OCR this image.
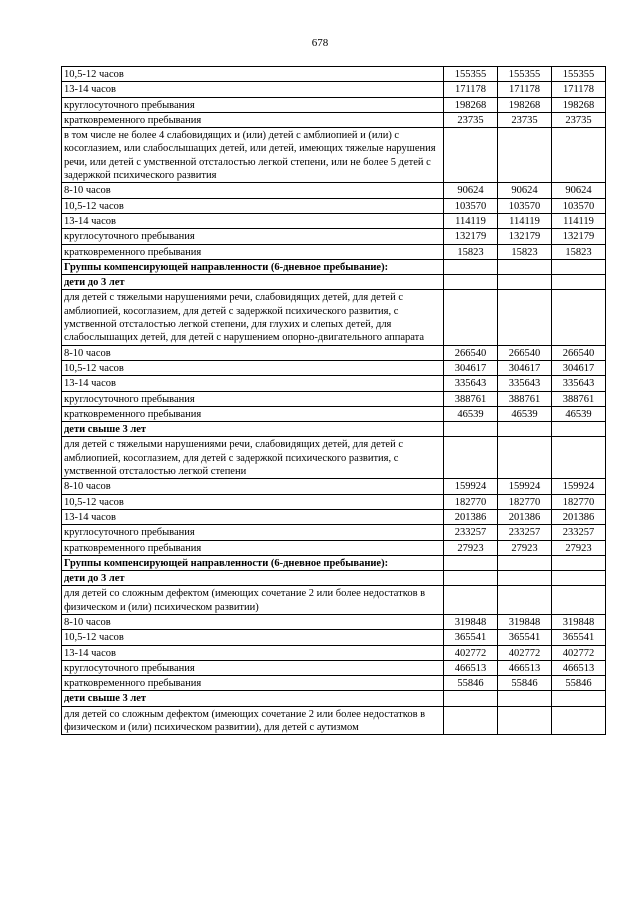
678
10,5-12 часов	155355	155355	155355
13-14 часов	171178	171178	171178
круглосуточного пребывания	198268	198268	198268
кратковременного пребывания	23735	23735	23735
в том числе не более 4 слабовидящих и (или) детей с амблиопией и (или) с косоглазием, или слабослышащих детей, или детей, имеющих тяжелые нарушения речи, или детей с умственной отсталостью легкой степени, или не более 5 детей с задержкой психического развития			
8-10 часов	90624	90624	90624
10,5-12 часов	103570	103570	103570
13-14 часов	114119	114119	114119
круглосуточного пребывания	132179	132179	132179
кратковременного пребывания	15823	15823	15823
Группы компенсирующей направленности (6-дневное пребывание):			
дети до 3 лет			
для детей с тяжелыми нарушениями речи, слабовидящих детей, для детей с амблиопией, косоглазием, для детей с задержкой психического развития, с умственной отсталостью легкой степени, для глухих и слепых детей, для слабослышащих детей, для детей с нарушением опорно-двигательного аппарата			
8-10 часов	266540	266540	266540
10,5-12 часов	304617	304617	304617
13-14 часов	335643	335643	335643
круглосуточного пребывания	388761	388761	388761
кратковременного пребывания	46539	46539	46539
дети свыше 3 лет			
для детей с тяжелыми нарушениями речи, слабовидящих детей, для детей с амблиопией, косоглазием, для детей с задержкой психического развития, с умственной отсталостью легкой степени			
8-10 часов	159924	159924	159924
10,5-12 часов	182770	182770	182770
13-14 часов	201386	201386	201386
круглосуточного пребывания	233257	233257	233257
кратковременного пребывания	27923	27923	27923
Группы компенсирующей направленности (6-дневное пребывание):			
дети до 3 лет			
для детей со сложным дефектом (имеющих сочетание 2 или более недостатков в физическом и (или) психическом развитии)			
8-10 часов	319848	319848	319848
10,5-12 часов	365541	365541	365541
13-14 часов	402772	402772	402772
круглосуточного пребывания	466513	466513	466513
кратковременного пребывания	55846	55846	55846
дети свыше 3 лет			
для детей со сложным дефектом (имеющих сочетание 2 или более недостатков в физическом и (или) психическом развитии), для детей с аутизмом			
